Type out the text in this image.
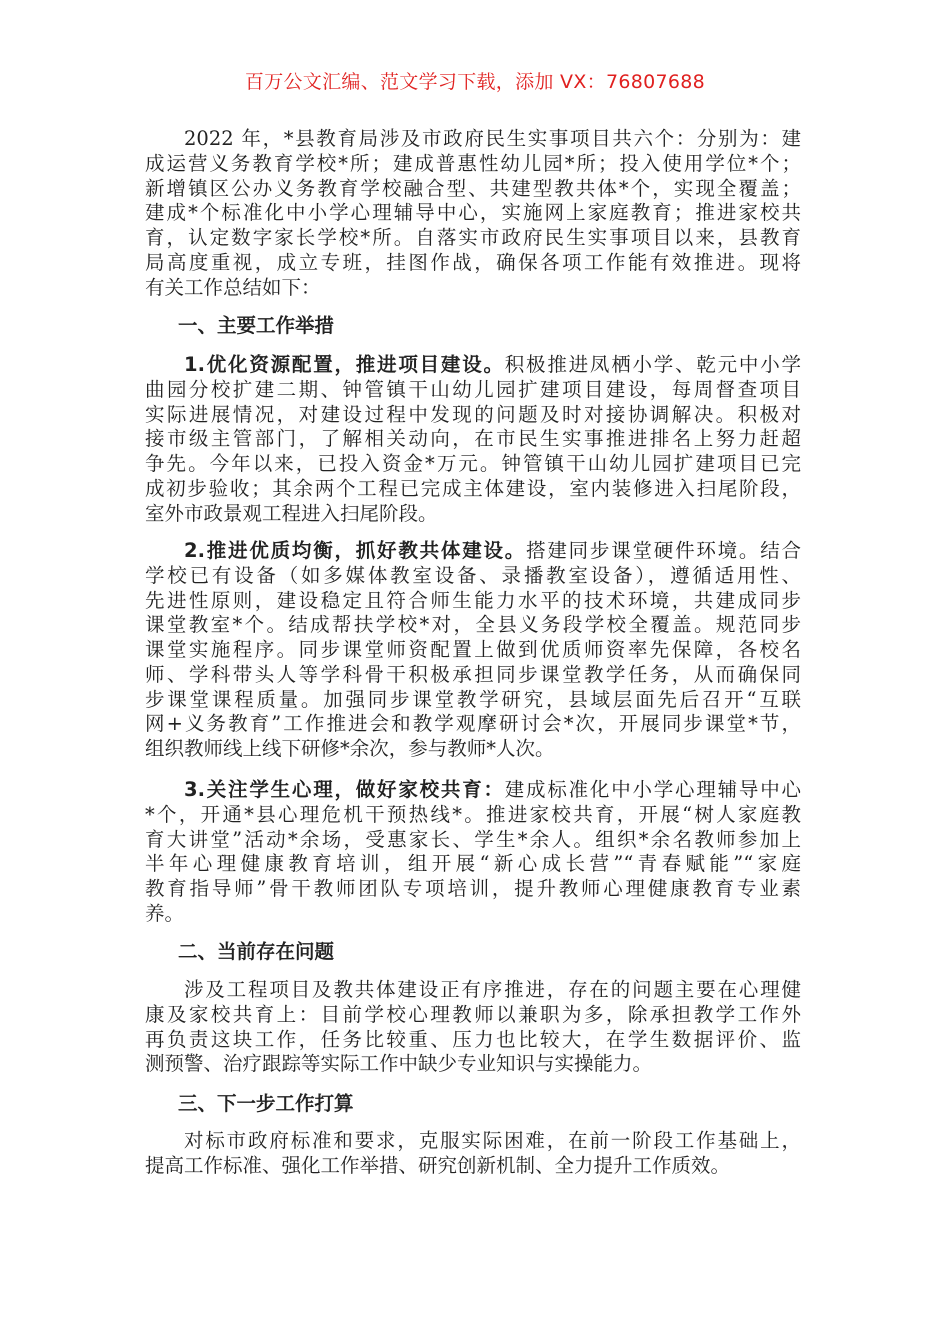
百万公文汇编、范文学习下载，添加 VX：76807688
2022 年，*县教育局涉及市政府民生实事项目共六个：分别为：建
成运营义务教育学校*所；建成普惠性幼儿园*所；投入使用学位*个；
新增镇区公办义务教育学校融合型、共建型教共体*个，实现全覆盖；
建成*个标准化中小学心理辅导中心，实施网上家庭教育；推进家校共
育，认定数字家长学校*所。自落实市政府民生实事项目以来，县教育
局高度重视，成立专班，挂图作战，确保各项工作能有效推进。现将
有关工作总结如下：
一、主要工作举措
1.优化资源配置，推进项目建设。积极推进凤栖小学、乾元中小学
曲园分校扩建二期、钟管镇干山幼儿园扩建项目建设，每周督查项目
实际进展情况，对建设过程中发现的问题及时对接协调解决。积极对
接市级主管部门，了解相关动向，在市民生实事推进排名上努力赶超
争先。今年以来，已投入资金*万元。钟管镇干山幼儿园扩建项目已完
成初步验收；其余两个工程已完成主体建设，室内装修进入扫尾阶段，
室外市政景观工程进入扫尾阶段。
2.推进优质均衡，抓好教共体建设。搭建同步课堂硬件环境。结合
学校已有设备（如多媒体教室设备、录播教室设备），遵循适用性、
先进性原则，建设稳定且符合师生能力水平的技术环境，共建成同步
课堂教室*个。结成帮扶学校*对，全县义务段学校全覆盖。规范同步
课堂实施程序。同步课堂师资配置上做到优质师资率先保障，各校名
师、学科带头人等学科骨干积极承担同步课堂教学任务，从而确保同
步课堂课程质量。加强同步课堂教学研究，县域层面先后召开“互联
网+义务教育”工作推进会和教学观摩研讨会*次，开展同步课堂*节，
组织教师线上线下研修*余次，参与教师*人次。
3.关注学生心理，做好家校共育：建成标准化中小学心理辅导中心
*个，开通*县心理危机干预热线*。推进家校共育，开展“树人家庭教
育大讲堂”活动*余场，受惠家长、学生*余人。组织*余名教师参加上
半年心理健康教育培训，组开展“新心成长营”“青春赋能”“家庭
教育指导师”骨干教师团队专项培训，提升教师心理健康教育专业素
养。
二、当前存在问题
涉及工程项目及教共体建设正有序推进，存在的问题主要在心理健
康及家校共育上：目前学校心理教师以兼职为多，除承担教学工作外
再负责这块工作，任务比较重、压力也比较大，在学生数据评价、监
测预警、治疗跟踪等实际工作中缺少专业知识与实操能力。
三、下一步工作打算
对标市政府标准和要求，克服实际困难，在前一阶段工作基础上，
提高工作标准、强化工作举措、研究创新机制、全力提升工作质效。
